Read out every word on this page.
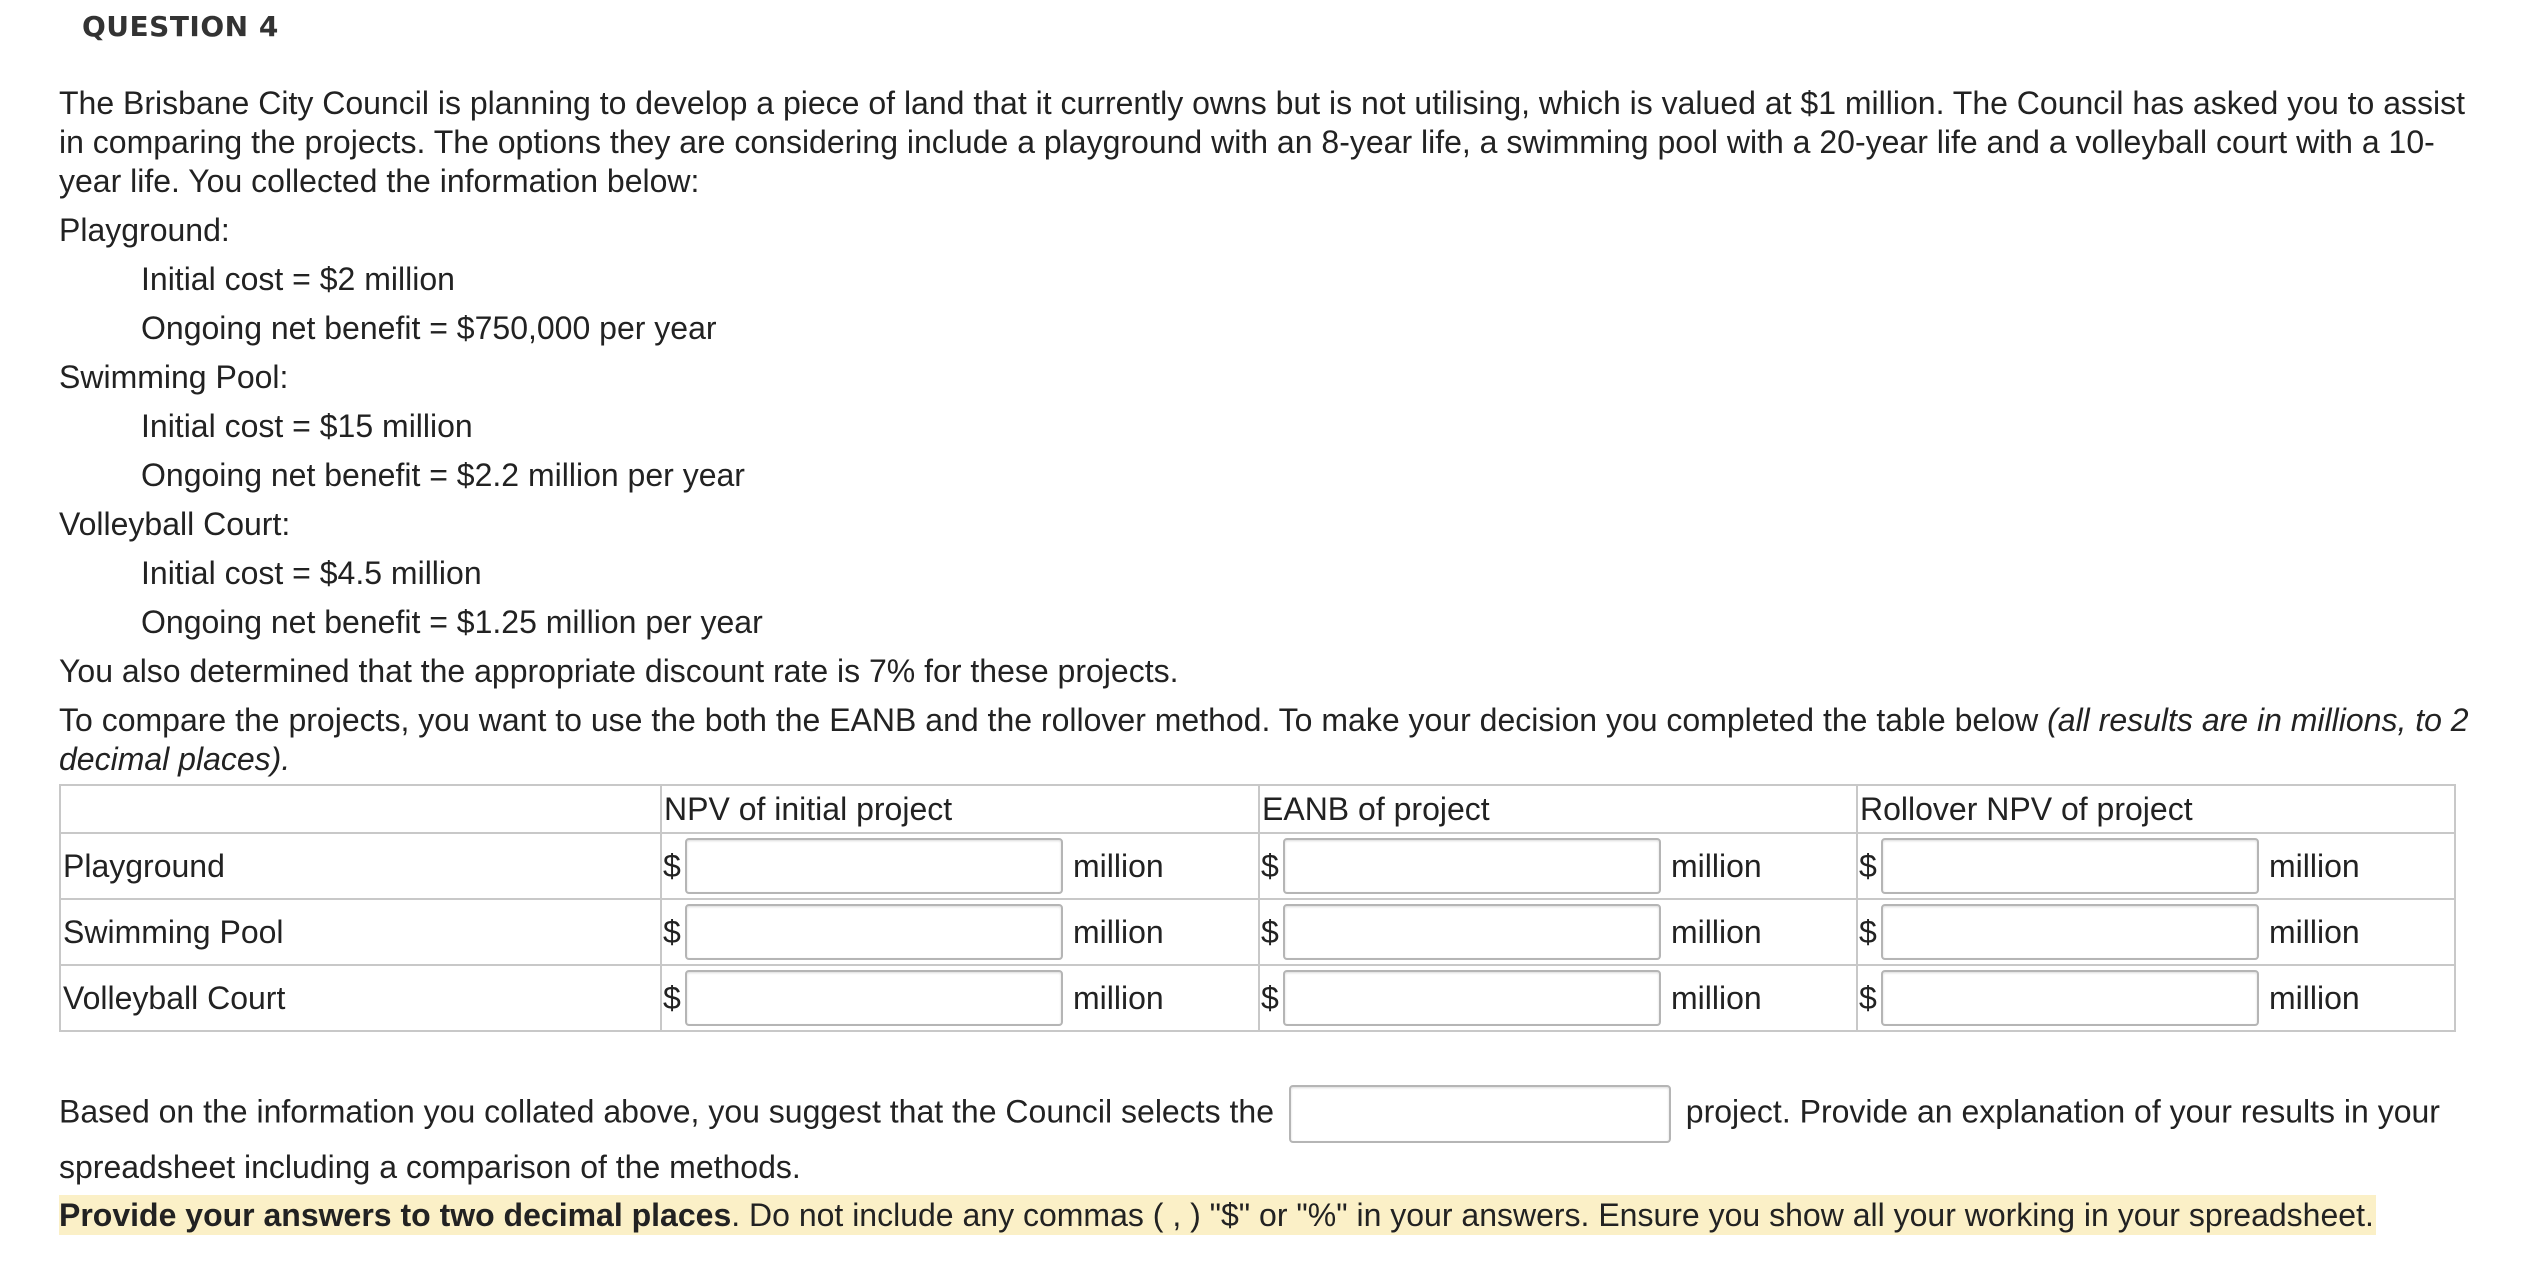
QUESTION 4

The Brisbane City Council is planning to develop a piece of land that it currently owns but is not utilising, which is valued at $1 million. The Council has asked you to assist in comparing the projects. The options they are considering include a playground with an 8-year life, a swimming pool with a 20-year life and a volleyball court with a 10-year life. You collected the information below:

Playground:
Initial cost = $2 million
Ongoing net benefit = $750,000 per year
Swimming Pool:
Initial cost = $15 million
Ongoing net benefit = $2.2 million per year
Volleyball Court:
Initial cost = $4.5 million
Ongoing net benefit = $1.25 million per year
You also determined that the appropriate discount rate is 7% for these projects.
To compare the projects, you want to use the both the EANB and the rollover method. To make your decision you completed the table below (all results are in millions, to 2 decimal places).
	NPV of initial project	EANB of project	Rollover NPV of project
Playground	$ million	$ million	$ million

Swimming Pool	$ million	$ million	$ million

Volleyball Court	$ million	$ million	$ million
Based on the information you collated above, you suggest that the Council selects the	project. Provide an explanation of your results in your spreadsheet including a comparison of the methods.
Provide your answers to two decimal places. Do not include any commas ( , ) "$" or "%" in your answers. Ensure you show all your working in your spreadsheet.
